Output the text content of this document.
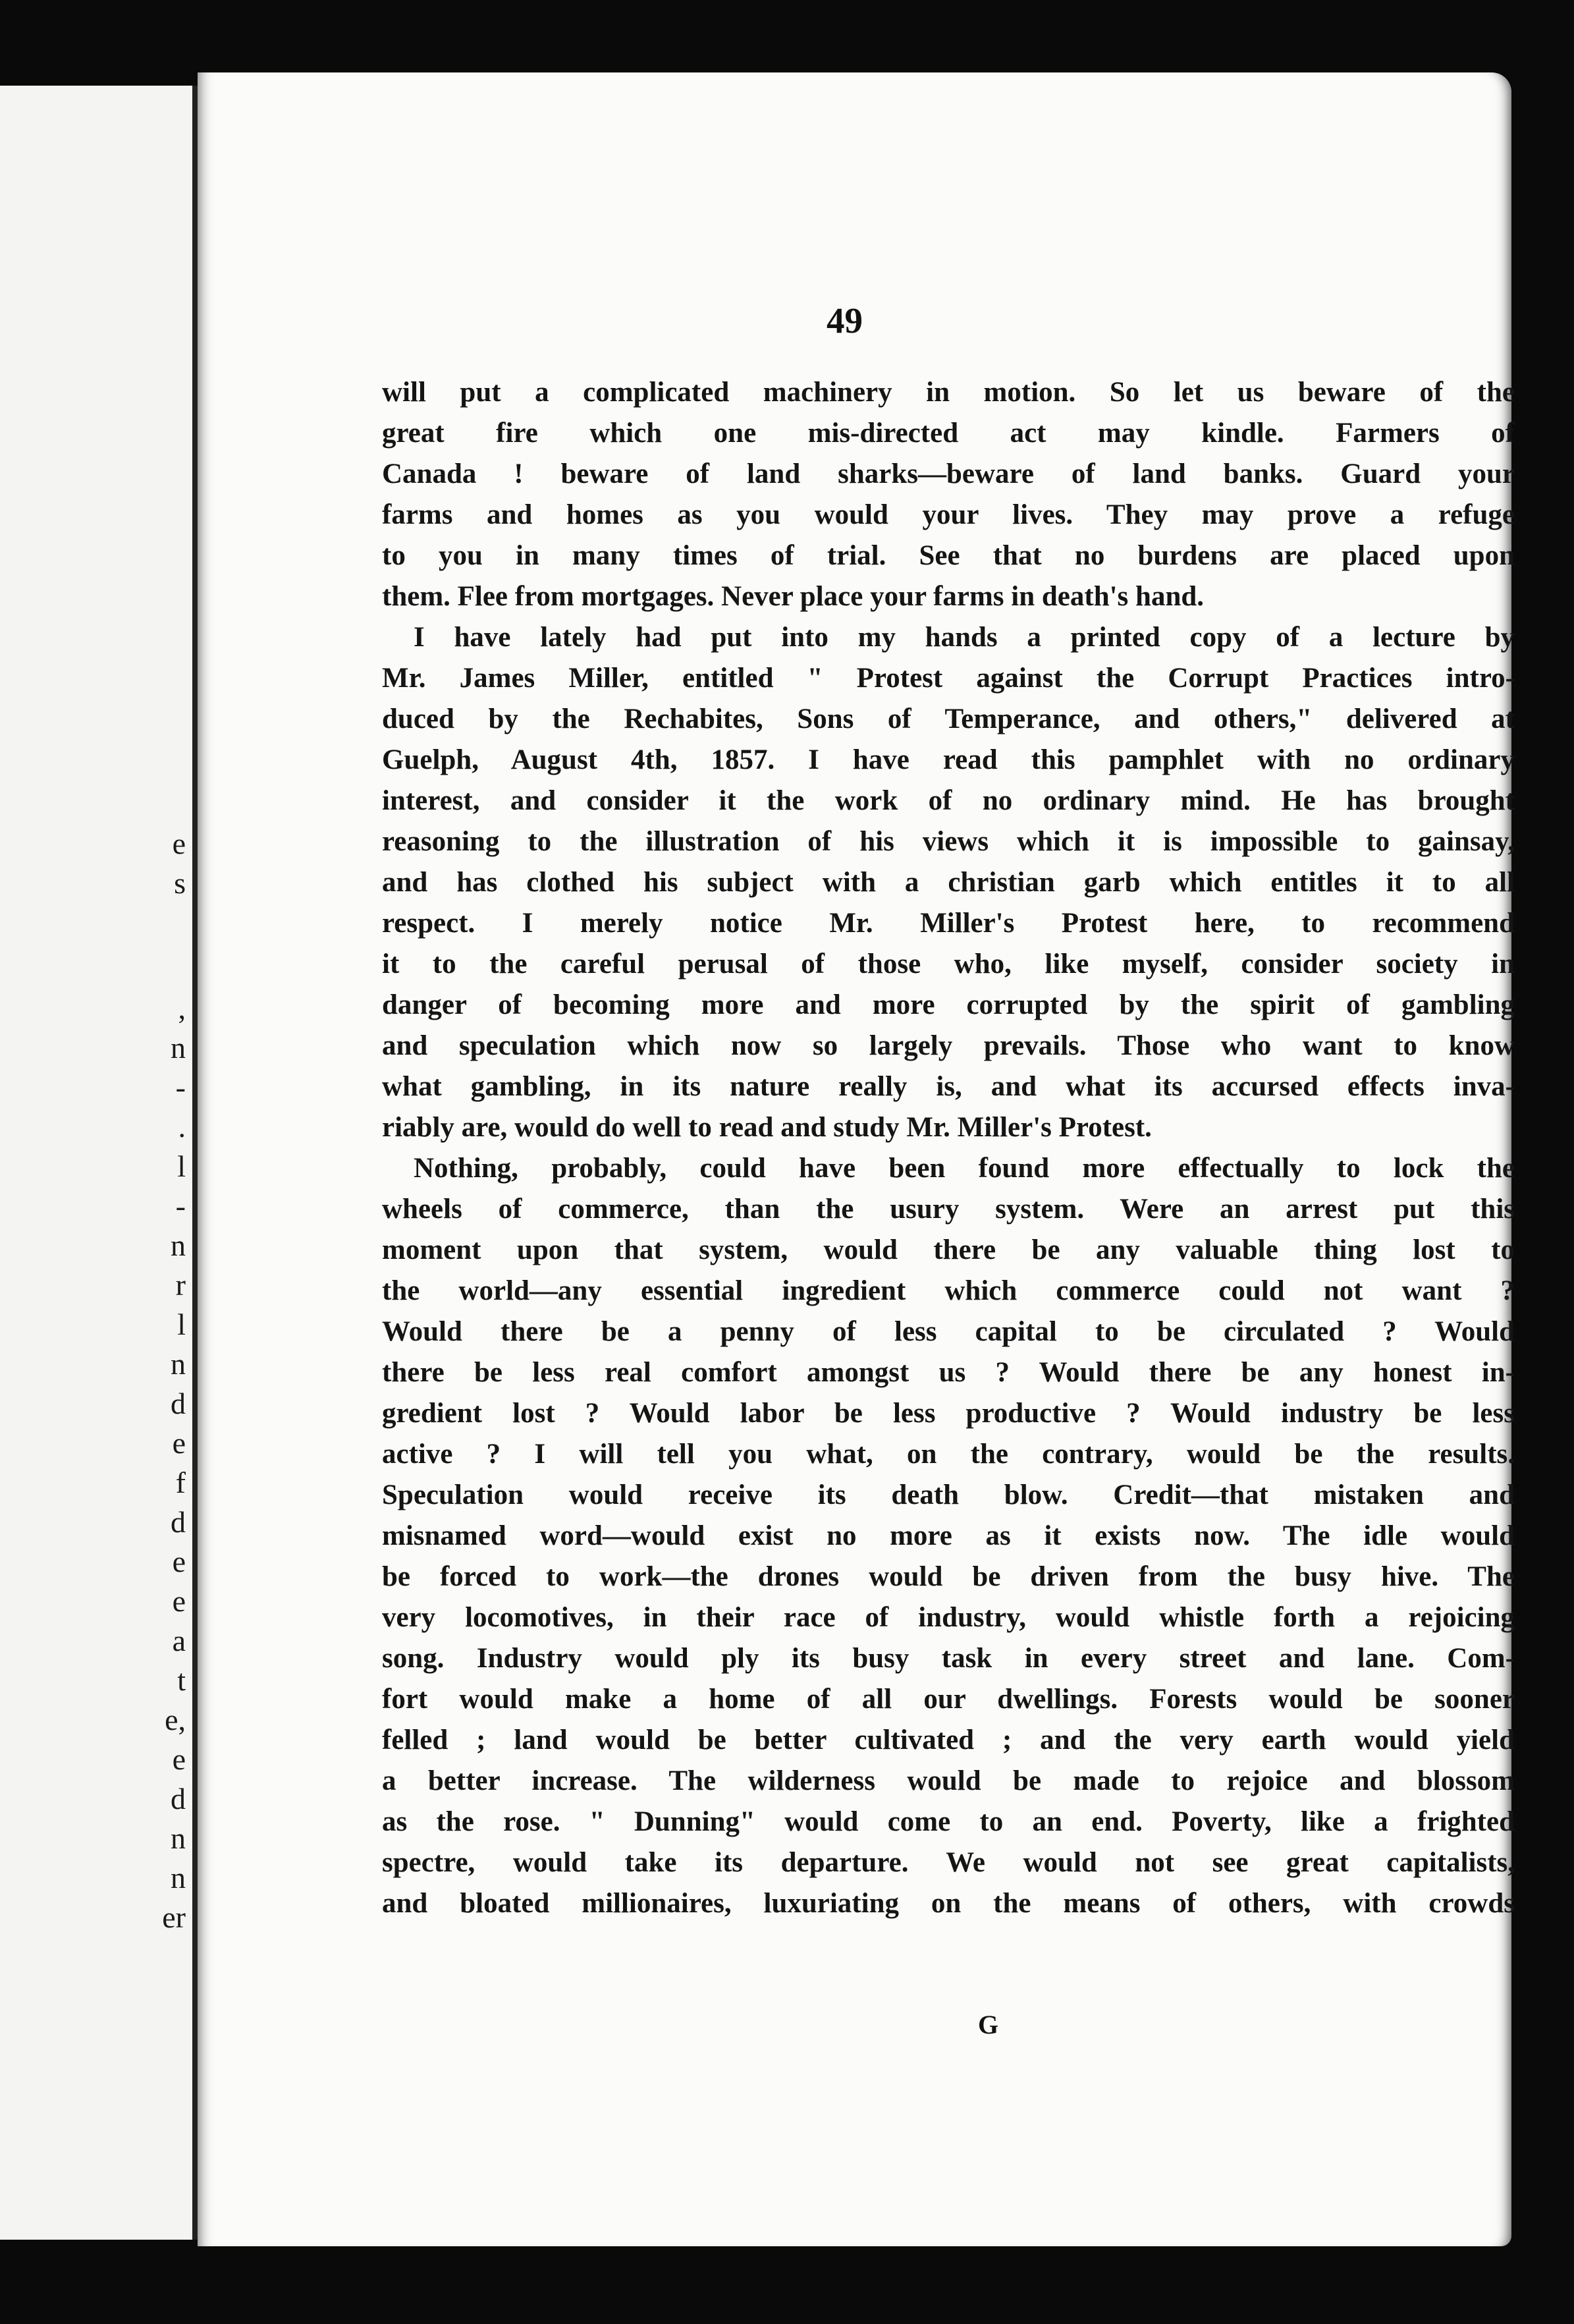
e
s
,
n
-
.
l
-
n
r
l
n
d
e
f
d
e
e
a
t
e,
e
d
n
n
er
49
will put a complicated machinery in motion. So let us beware of the
great fire which one mis-directed act may kindle. Farmers of
Canada ! beware of land sharks—beware of land banks. Guard your
farms and homes as you would your lives. They may prove a refuge
to you in many times of trial. See that no burdens are placed upon
them. Flee from mortgages. Never place your farms in death's hand.
I have lately had put into my hands a printed copy of a lecture by
Mr. James Miller, entitled " Protest against the Corrupt Practices intro-
duced by the Rechabites, Sons of Temperance, and others," delivered at
Guelph, August 4th, 1857. I have read this pamphlet with no ordinary
interest, and consider it the work of no ordinary mind. He has brought
reasoning to the illustration of his views which it is impossible to gainsay,
and has clothed his subject with a christian garb which entitles it to all
respect. I merely notice Mr. Miller's Protest here, to recommend
it to the careful perusal of those who, like myself, consider society in
danger of becoming more and more corrupted by the spirit of gambling
and speculation which now so largely prevails. Those who want to know
what gambling, in its nature really is, and what its accursed effects inva-
riably are, would do well to read and study Mr. Miller's Protest.
Nothing, probably, could have been found more effectually to lock the
wheels of commerce, than the usury system. Were an arrest put this
moment upon that system, would there be any valuable thing lost to
the world—any essential ingredient which commerce could not want ?
Would there be a penny of less capital to be circulated ? Would
there be less real comfort amongst us ? Would there be any honest in-
gredient lost ? Would labor be less productive ? Would industry be less
active ? I will tell you what, on the contrary, would be the results.
Speculation would receive its death blow. Credit—that mistaken and
misnamed word—would exist no more as it exists now. The idle would
be forced to work—the drones would be driven from the busy hive. The
very locomotives, in their race of industry, would whistle forth a rejoicing
song. Industry would ply its busy task in every street and lane. Com-
fort would make a home of all our dwellings. Forests would be sooner
felled ; land would be better cultivated ; and the very earth would yield
a better increase. The wilderness would be made to rejoice and blossom
as the rose. " Dunning" would come to an end. Poverty, like a frighted
spectre, would take its departure. We would not see great capitalists,
and bloated millionaires, luxuriating on the means of others, with crowds
G
